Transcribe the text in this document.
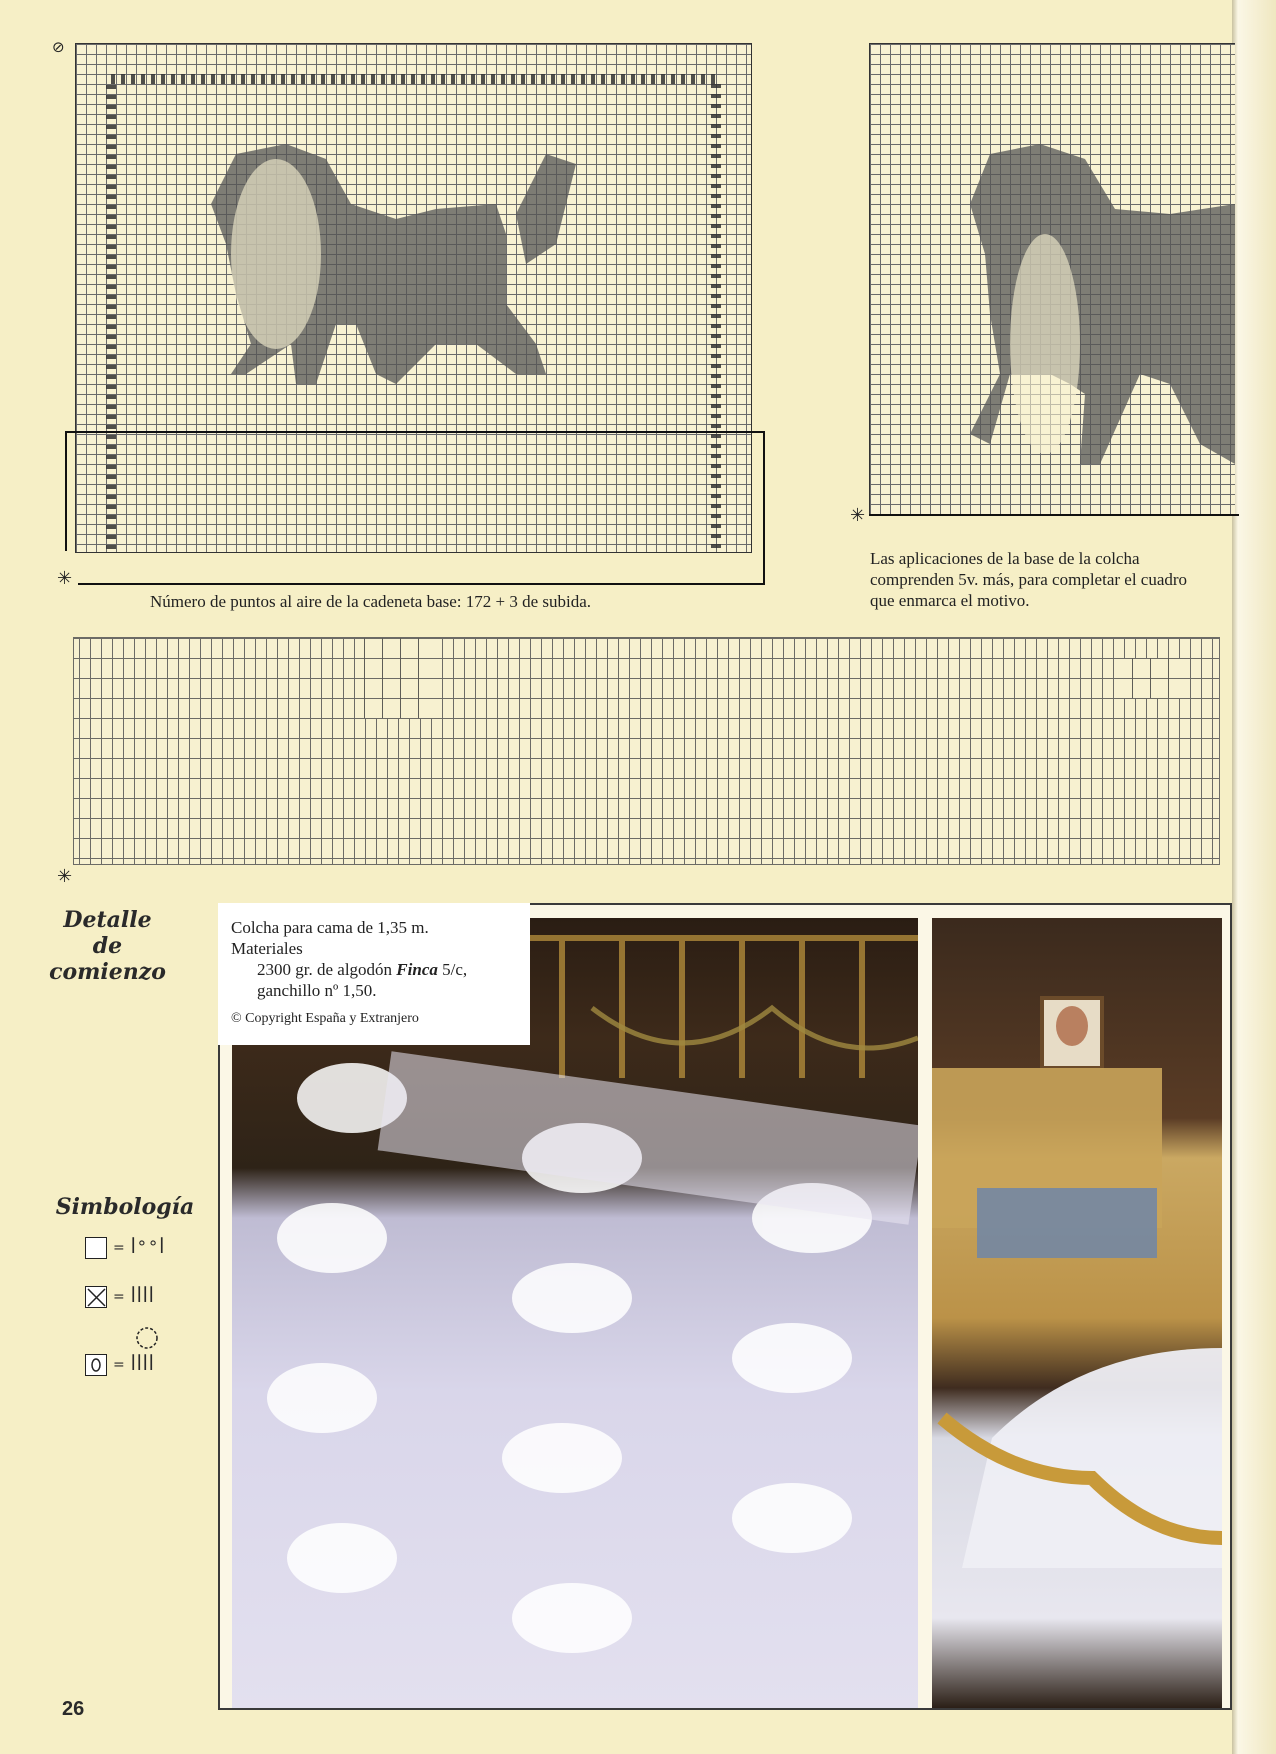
⊘
✳
Número de puntos al aire de la cadeneta base: 172 + 3 de subida.
✳
Las aplicaciones de la base de la colcha comprenden 5v. más, para completar el cuadro que enmarca el motivo.
✳
Detalle
de comienzo
Simbología
= ꟾ°°ꟾ
= ꟾꟾꟾꟾ
= ꟾꟾꟾꟾ
Colcha para cama de 1,35 m.
Materiales
2300 gr. de algodón Finca 5/c,
ganchillo nº 1,50.
© Copyright España y Extranjero
26
